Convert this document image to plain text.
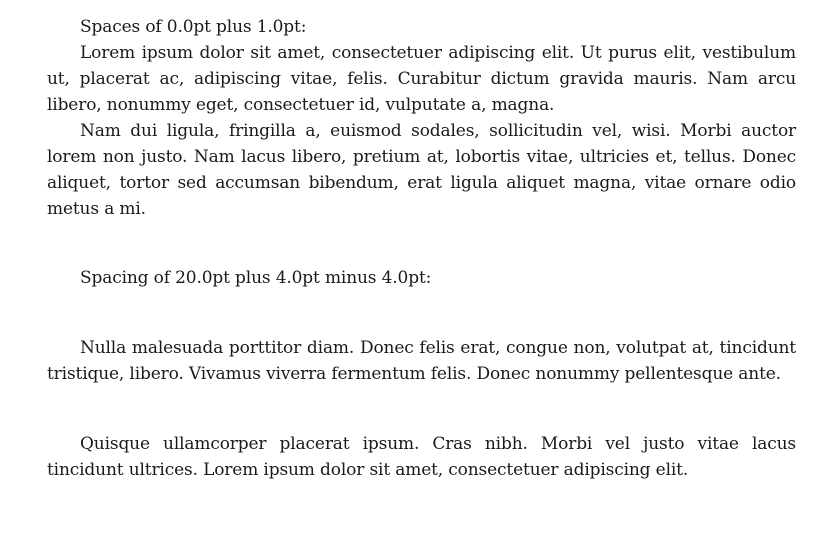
Spaces of 0.0pt plus 1.0pt:

Lorem ipsum dolor sit amet, consectetuer adipiscing elit. Ut purus elit, vestibulum ut, placerat ac, adipiscing vitae, felis. Curabitur dictum gravida mauris. Nam arcu libero, nonummy eget, consectetuer id, vulputate a, magna.

Nam dui ligula, fringilla a, euismod sodales, sollicitudin vel, wisi. Morbi auctor lorem non justo. Nam lacus libero, pretium at, lobortis vitae, ultricies et, tellus. Donec aliquet, tortor sed accumsan bibendum, erat ligula aliquet magna, vitae ornare odio metus a mi.

Spacing of 20.0pt plus 4.0pt minus 4.0pt:

Nulla malesuada porttitor diam. Donec felis erat, congue non, volutpat at, tincidunt tristique, libero. Vivamus viverra fermentum felis. Donec nonummy pellentesque ante.

Quisque ullamcorper placerat ipsum. Cras nibh. Morbi vel justo vitae lacus tincidunt ultrices. Lorem ipsum dolor sit amet, consectetuer adipiscing elit.
